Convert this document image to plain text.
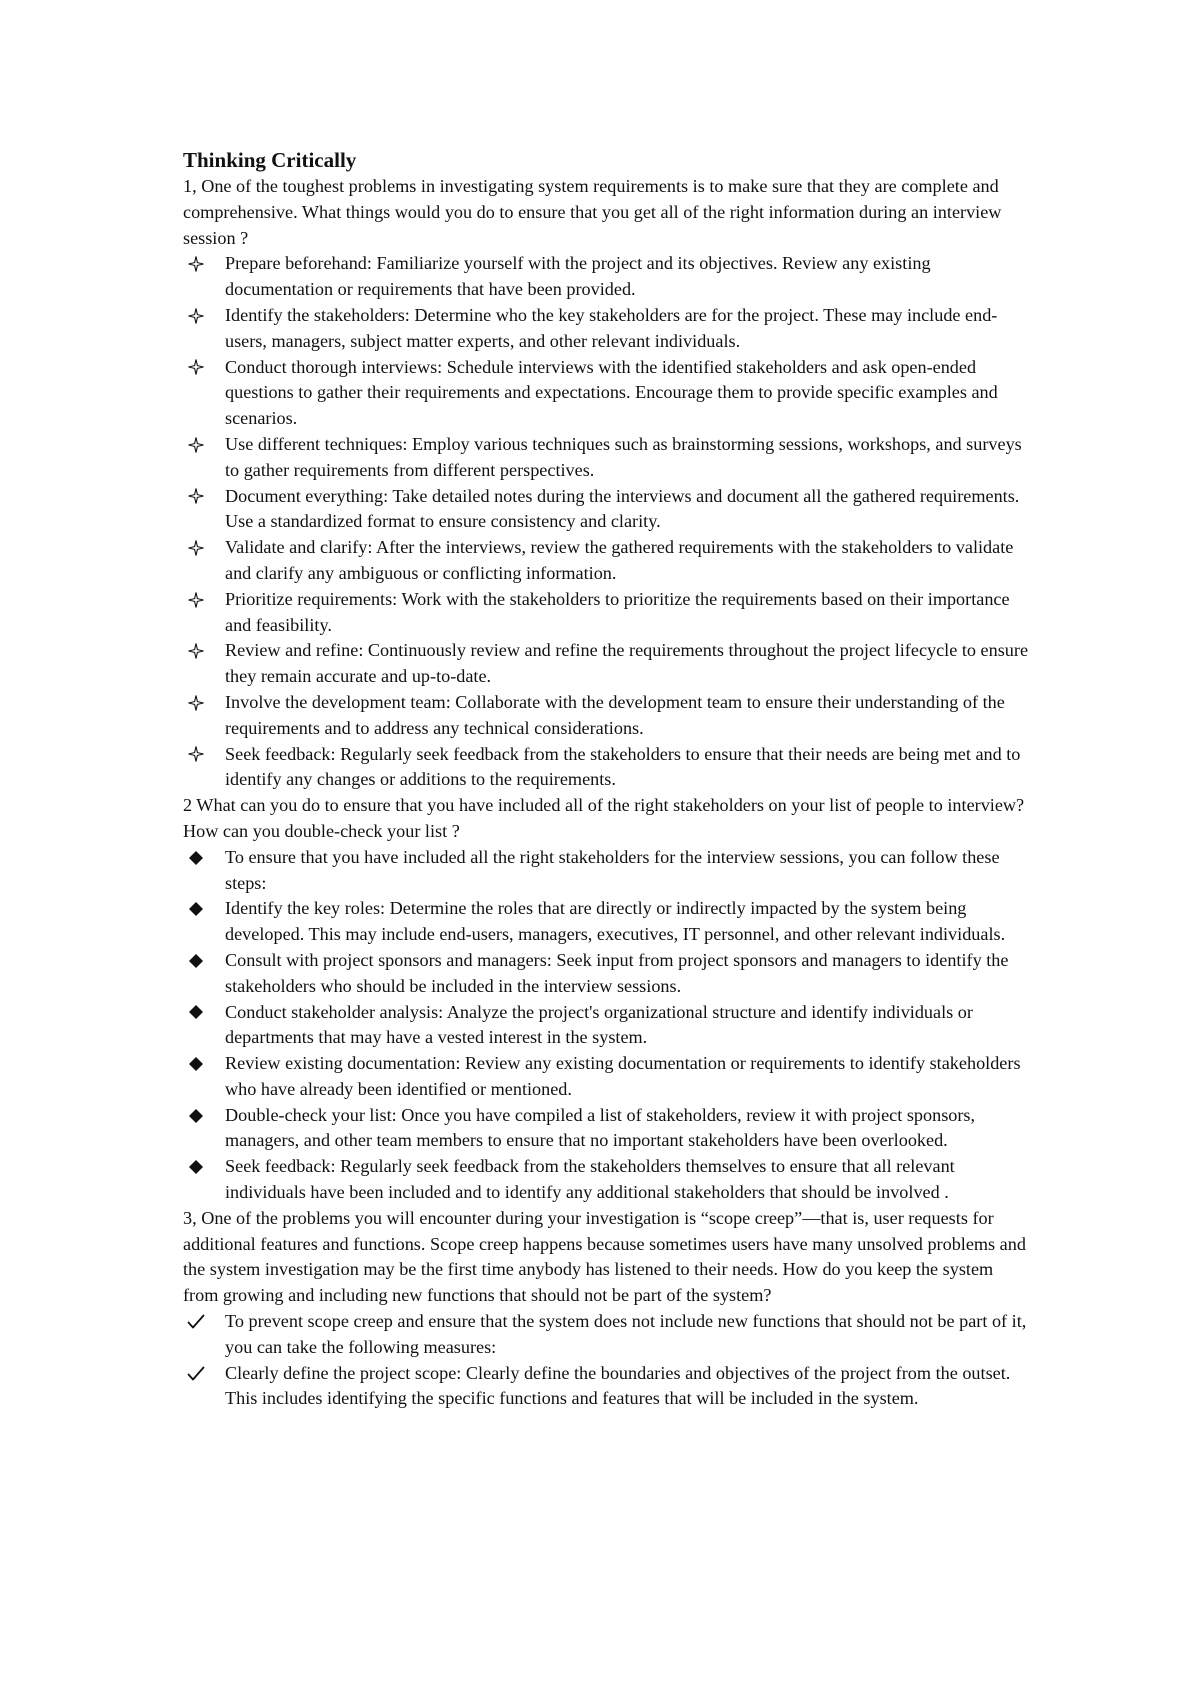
Thinking Critically

1, One of the toughest problems in investigating system requirements is to make sure that they are complete and comprehensive. What things would you do to ensure that you get all of the right information during an interview session ?

Prepare beforehand: Familiarize yourself with the project and its objectives. Review any existing documentation or requirements that have been provided.
Identify the stakeholders: Determine who the key stakeholders are for the project. These may include end-users, managers, subject matter experts, and other relevant individuals.
Conduct thorough interviews: Schedule interviews with the identified stakeholders and ask open-ended questions to gather their requirements and expectations. Encourage them to provide specific examples and scenarios.
Use different techniques: Employ various techniques such as brainstorming sessions, workshops, and surveys to gather requirements from different perspectives.
Document everything: Take detailed notes during the interviews and document all the gathered requirements. Use a standardized format to ensure consistency and clarity.
Validate and clarify: After the interviews, review the gathered requirements with the stakeholders to validate and clarify any ambiguous or conflicting information.
Prioritize requirements: Work with the stakeholders to prioritize the requirements based on their importance and feasibility.
Review and refine: Continuously review and refine the requirements throughout the project lifecycle to ensure they remain accurate and up-to-date.
Involve the development team: Collaborate with the development team to ensure their understanding of the requirements and to address any technical considerations.
Seek feedback: Regularly seek feedback from the stakeholders to ensure that their needs are being met and to identify any changes or additions to the requirements.

2 What can you do to ensure that you have included all of the right stakeholders on your list of people to interview? How can you double-check your list ?

To ensure that you have included all the right stakeholders for the interview sessions, you can follow these steps:
Identify the key roles: Determine the roles that are directly or indirectly impacted by the system being developed. This may include end-users, managers, executives, IT personnel, and other relevant individuals.
Consult with project sponsors and managers: Seek input from project sponsors and managers to identify the stakeholders who should be included in the interview sessions.
Conduct stakeholder analysis: Analyze the project's organizational structure and identify individuals or departments that may have a vested interest in the system.
Review existing documentation: Review any existing documentation or requirements to identify stakeholders who have already been identified or mentioned.
Double-check your list: Once you have compiled a list of stakeholders, review it with project sponsors, managers, and other team members to ensure that no important stakeholders have been overlooked.
Seek feedback: Regularly seek feedback from the stakeholders themselves to ensure that all relevant individuals have been included and to identify any additional stakeholders that should be involved .

3, One of the problems you will encounter during your investigation is “scope creep”—that is, user requests for additional features and functions. Scope creep happens because sometimes users have many unsolved problems and the system investigation may be the first time anybody has listened to their needs. How do you keep the system from growing and including new functions that should not be part of the system?

To prevent scope creep and ensure that the system does not include new functions that should not be part of it, you can take the following measures:
Clearly define the project scope: Clearly define the boundaries and objectives of the project from the outset. This includes identifying the specific functions and features that will be included in the system.
